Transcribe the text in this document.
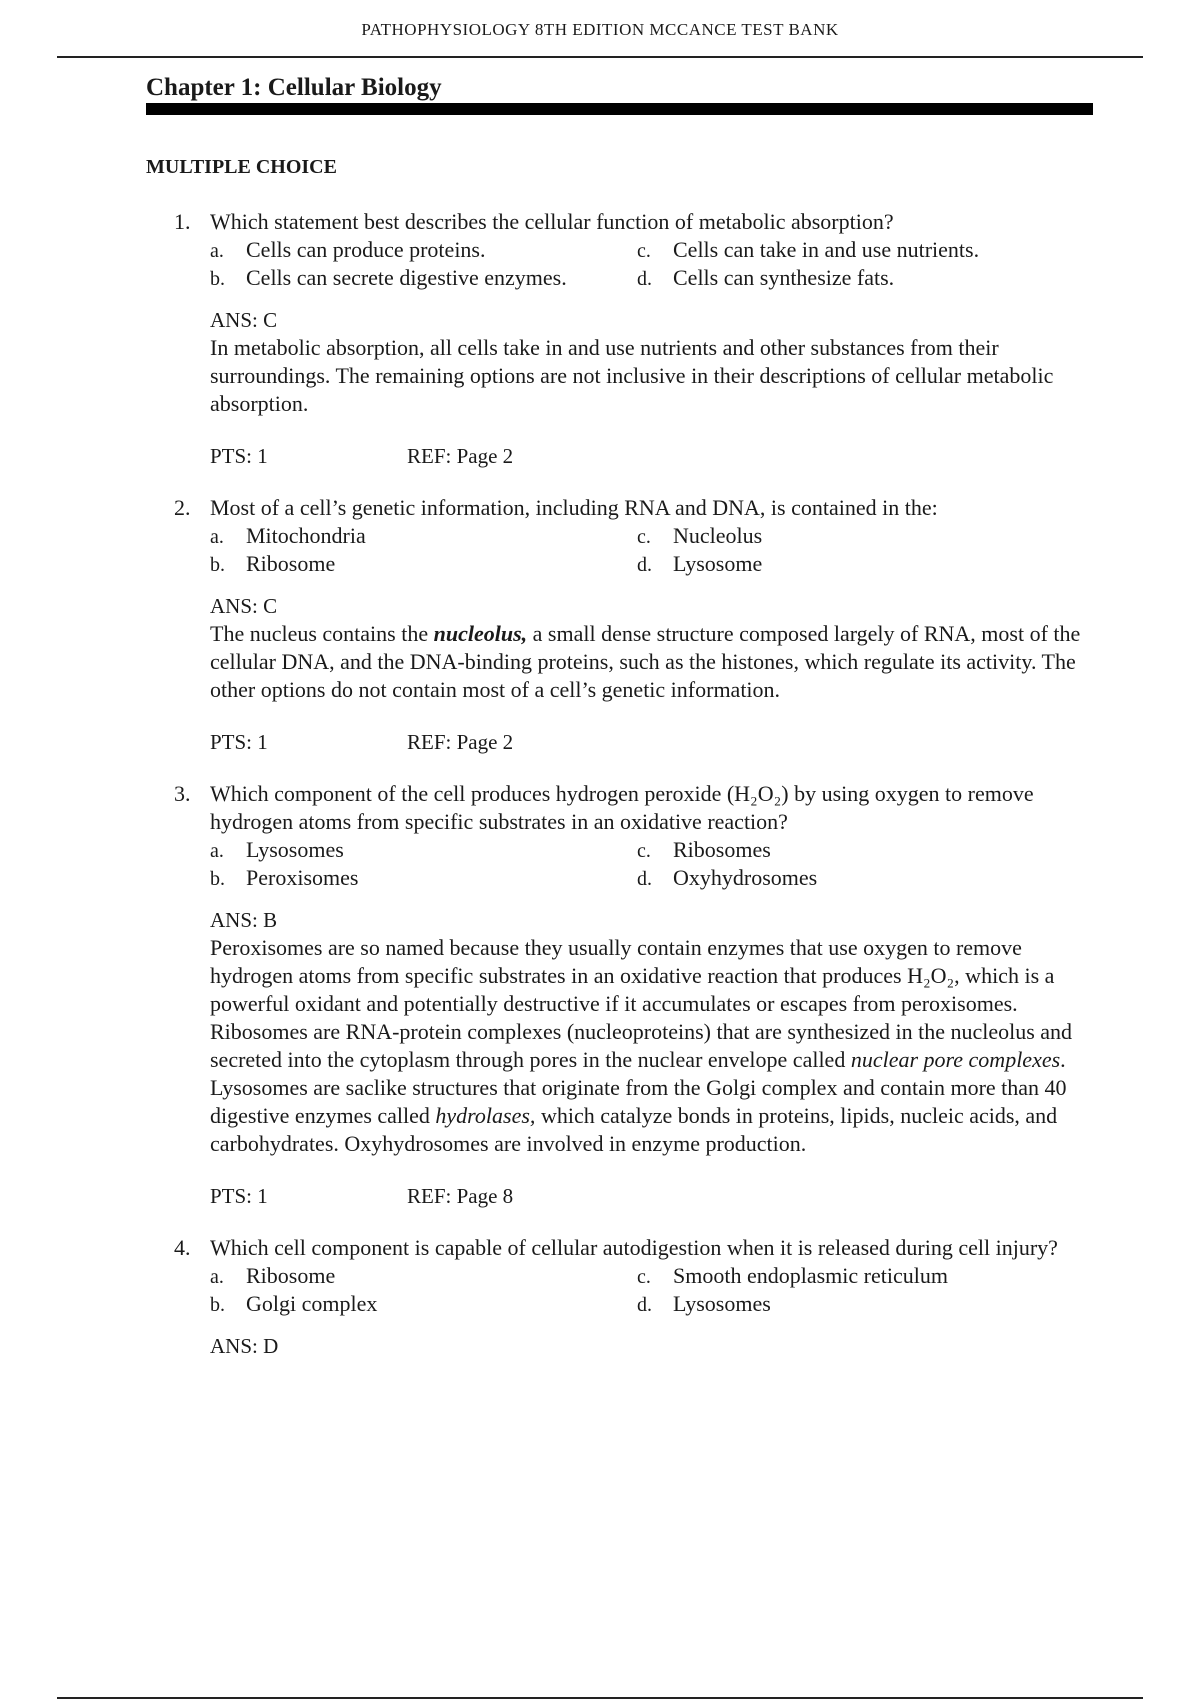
PATHOPHYSIOLOGY 8TH EDITION MCCANCE TEST BANK
Chapter 1: Cellular Biology
MULTIPLE CHOICE
1. Which statement best describes the cellular function of metabolic absorption?
a. Cells can produce proteins.	c. Cells can take in and use nutrients.
b. Cells can secrete digestive enzymes.	d. Cells can synthesize fats.
ANS: C
In metabolic absorption, all cells take in and use nutrients and other substances from their surroundings. The remaining options are not inclusive in their descriptions of cellular metabolic absorption.
PTS: 1	REF: Page 2
2. Most of a cell’s genetic information, including RNA and DNA, is contained in the:
a. Mitochondria	c. Nucleolus
b. Ribosome	d. Lysosome
ANS: C
The nucleus contains the nucleolus, a small dense structure composed largely of RNA, most of the cellular DNA, and the DNA-binding proteins, such as the histones, which regulate its activity. The other options do not contain most of a cell’s genetic information.
PTS: 1	REF: Page 2
3. Which component of the cell produces hydrogen peroxide (H₂O₂) by using oxygen to remove hydrogen atoms from specific substrates in an oxidative reaction?
a. Lysosomes	c. Ribosomes
b. Peroxisomes	d. Oxyhydrosomes
ANS: B
Peroxisomes are so named because they usually contain enzymes that use oxygen to remove hydrogen atoms from specific substrates in an oxidative reaction that produces H₂O₂, which is a powerful oxidant and potentially destructive if it accumulates or escapes from peroxisomes. Ribosomes are RNA-protein complexes (nucleoproteins) that are synthesized in the nucleolus and secreted into the cytoplasm through pores in the nuclear envelope called nuclear pore complexes. Lysosomes are saclike structures that originate from the Golgi complex and contain more than 40 digestive enzymes called hydrolases, which catalyze bonds in proteins, lipids, nucleic acids, and carbohydrates. Oxyhydrosomes are involved in enzyme production.
PTS: 1	REF: Page 8
4. Which cell component is capable of cellular autodigestion when it is released during cell injury?
a. Ribosome	c. Smooth endoplasmic reticulum
b. Golgi complex	d. Lysosomes
ANS: D
